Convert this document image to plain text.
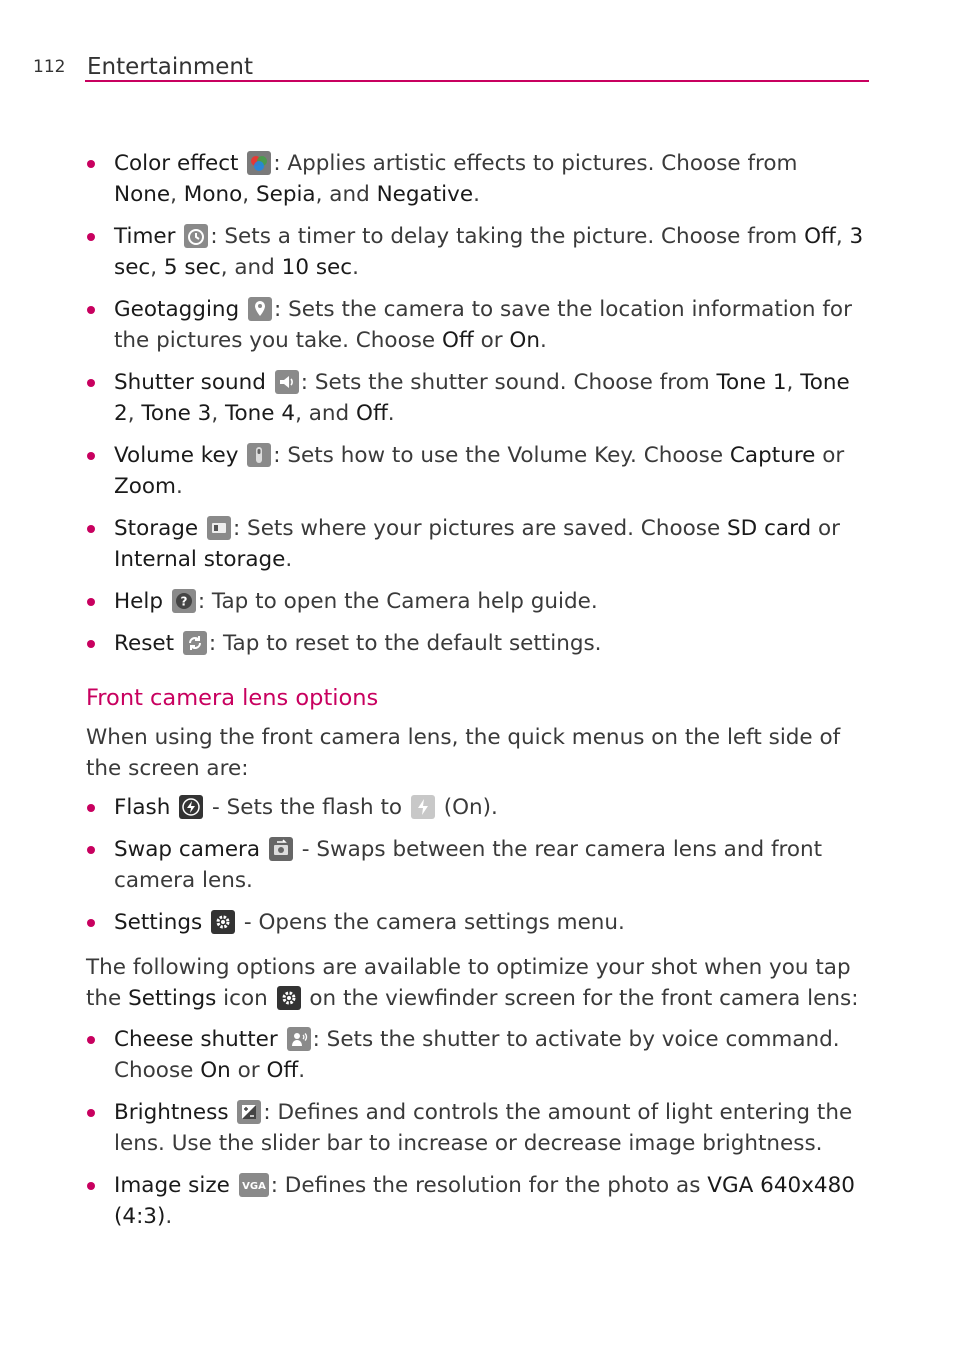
112 Entertainment
Color effect : Applies artistic effects to pictures. Choose from None, Mono, Sepia, and Negative.
Timer : Sets a timer to delay taking the picture. Choose from Off, 3 sec, 5 sec, and 10 sec.
Geotagging : Sets the camera to save the location information for the pictures you take. Choose Off or On.
Shutter sound : Sets the shutter sound. Choose from Tone 1, Tone 2, Tone 3, Tone 4, and Off.
Volume key : Sets how to use the Volume Key. Choose Capture or Zoom.
Storage : Sets where your pictures are saved. Choose SD card or Internal storage.
Help ? : Tap to open the Camera help guide.
Reset : Tap to reset to the default settings.
Front camera lens options

When using the front camera lens, the quick menus on the left side of the screen are:

Flash
- Sets the flash to
(On).
Swap camera
- Swaps between the rear camera lens and front camera lens.
Settings
- Opens the camera settings menu.

The following options are available to optimize your shot when you tap the Settings icon
on the viewfinder screen for the front camera lens:

Cheese shutter : Sets the shutter to activate by voice command. Choose On or Off.
Brightness : Defines and controls the amount of light entering the lens. Use the slider bar to increase or decrease image brightness.
Image size VGA : Defines the resolution for the photo as VGA 640x480 (4:3).
